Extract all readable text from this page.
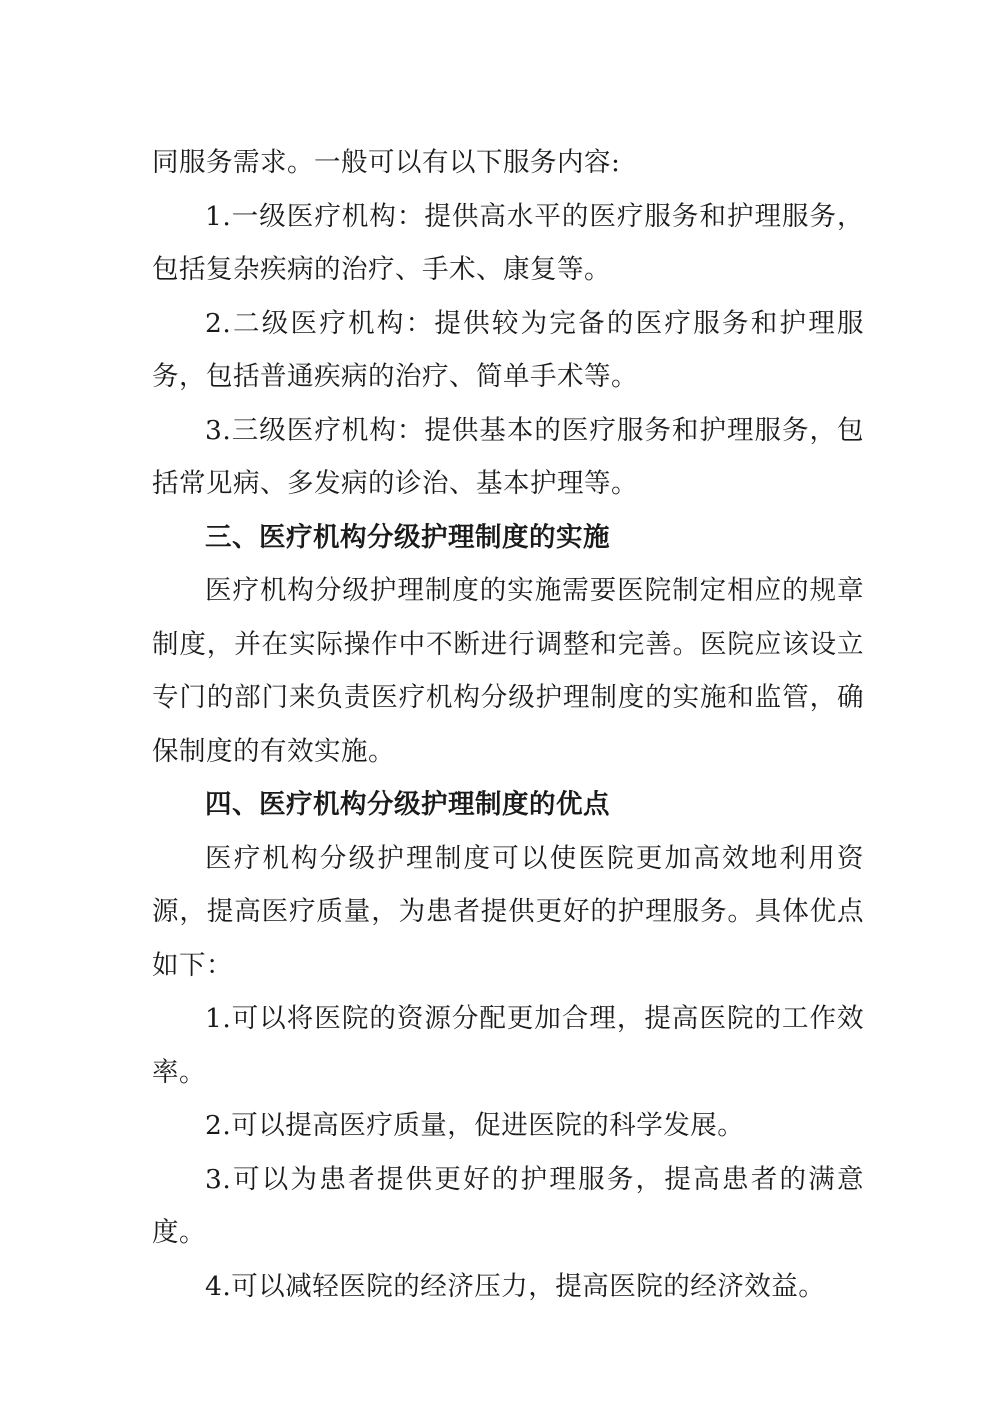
同服务需求。一般可以有以下服务内容:

1.一级医疗机构：提供高水平的医疗服务和护理服务，包括复杂疾病的治疗、手术、康复等。

2.二级医疗机构：提供较为完备的医疗服务和护理服务，包括普通疾病的治疗、简单手术等。

3.三级医疗机构：提供基本的医疗服务和护理服务，包括常见病、多发病的诊治、基本护理等。

三、医疗机构分级护理制度的实施

医疗机构分级护理制度的实施需要医院制定相应的规章制度，并在实际操作中不断进行调整和完善。医院应该设立专门的部门来负责医疗机构分级护理制度的实施和监管，确保制度的有效实施。

四、医疗机构分级护理制度的优点

医疗机构分级护理制度可以使医院更加高效地利用资源，提高医疗质量，为患者提供更好的护理服务。具体优点如下：

1.可以将医院的资源分配更加合理，提高医院的工作效率。

2.可以提高医疗质量，促进医院的科学发展。

3.可以为患者提供更好的护理服务，提高患者的满意度。

4.可以减轻医院的经济压力，提高医院的经济效益。
